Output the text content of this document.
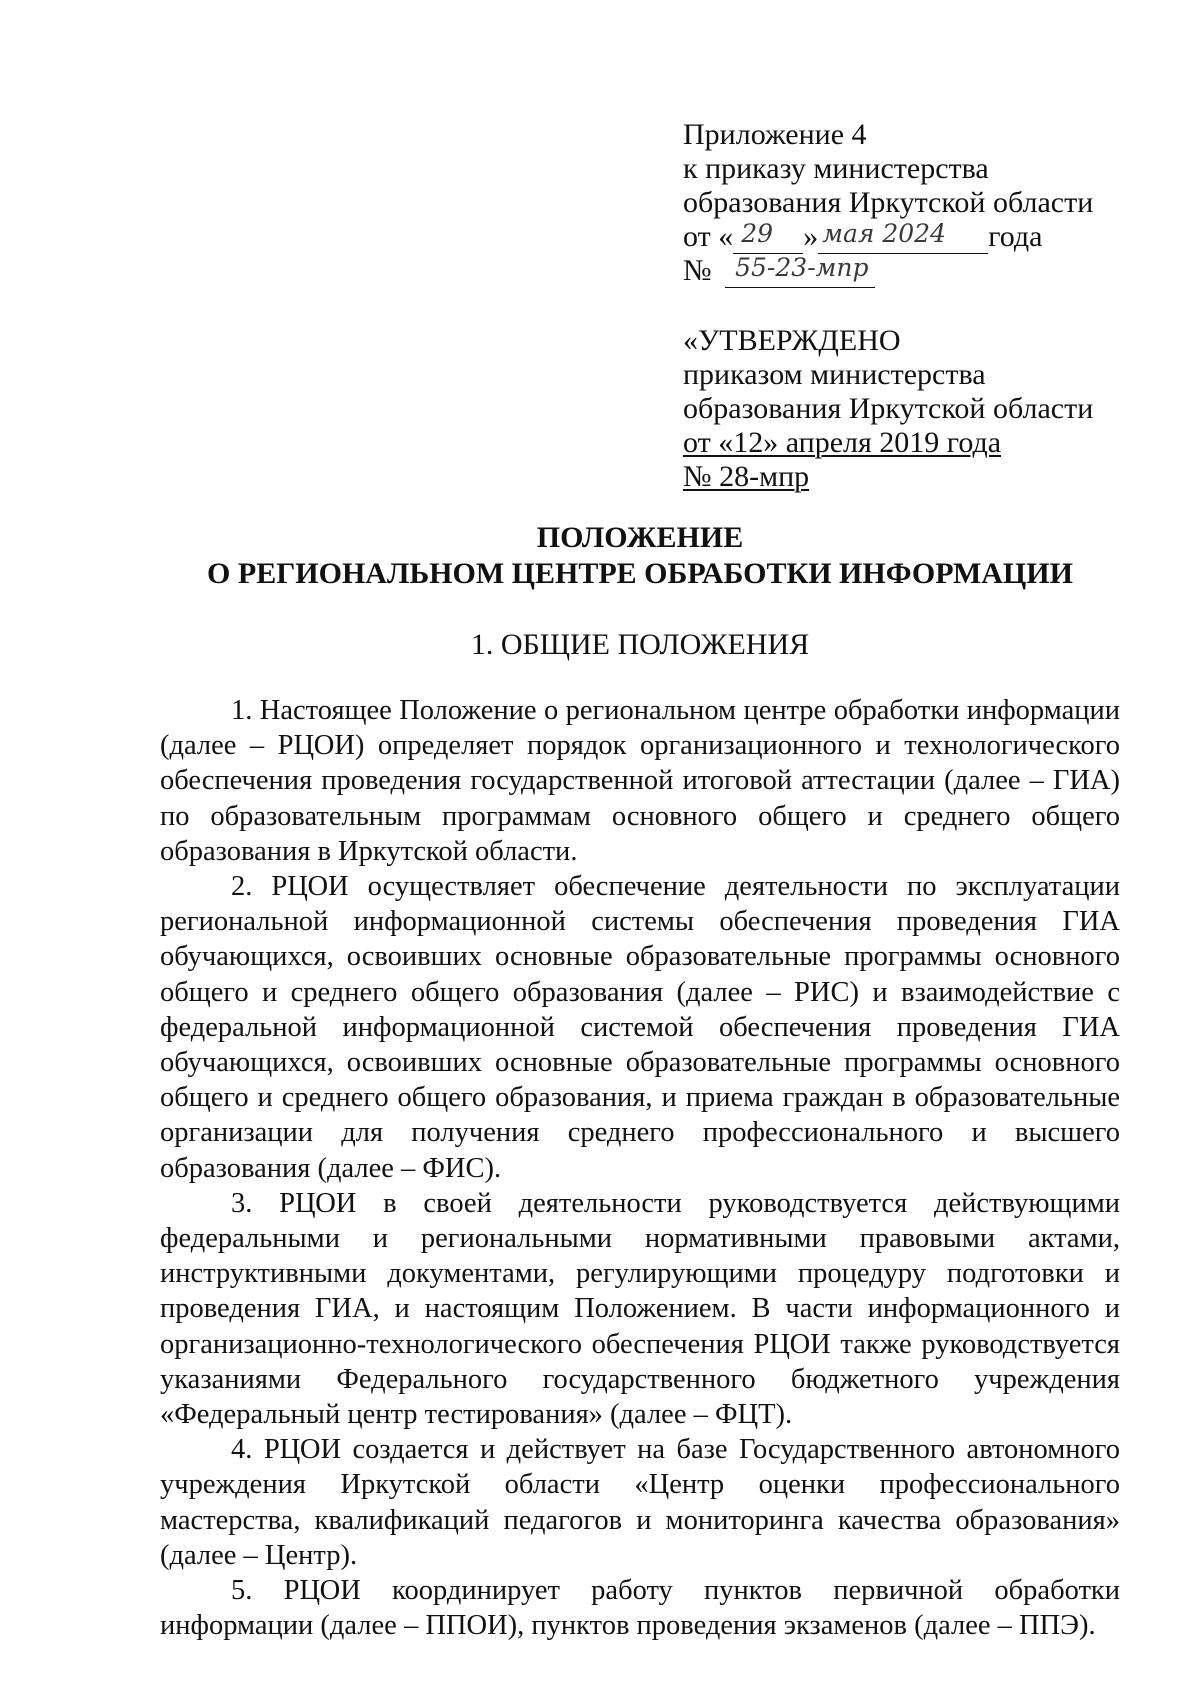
Приложение 4
к приказу министерства
образования Иркутской области
от « 29 » мая 2024 года
№ 55-23-мпр
«УТВЕРЖДЕНО
приказом министерства
образования Иркутской области
от «12» апреля 2019 года
№ 28-мпр
ПОЛОЖЕНИЕ
О РЕГИОНАЛЬНОМ ЦЕНТРЕ ОБРАБОТКИ ИНФОРМАЦИИ
1. ОБЩИЕ ПОЛОЖЕНИЯ

1. Настоящее Положение о региональном центре обработки информации (далее – РЦОИ) определяет порядок организационного и технологического обеспечения проведения государственной итоговой аттестации (далее – ГИА) по образовательным программам основного общего и среднего общего образования в Иркутской области.

2. РЦОИ осуществляет обеспечение деятельности по эксплуатации региональной информационной системы обеспечения проведения ГИА обучающихся, освоивших основные образовательные программы основного общего и среднего общего образования (далее – РИС) и взаимодействие с федеральной информационной системой обеспечения проведения ГИА обучающихся, освоивших основные образовательные программы основного общего и среднего общего образования, и приема граждан в образовательные организации для получения среднего профессионального и высшего образования (далее – ФИС).

3. РЦОИ в своей деятельности руководствуется действующими федеральными и региональными нормативными правовыми актами, инструктивными документами, регулирующими процедуру подготовки и проведения ГИА, и настоящим Положением. В части информационного и организационно-технологического обеспечения РЦОИ также руководствуется указаниями Федерального государственного бюджетного учреждения «Федеральный центр тестирования» (далее – ФЦТ).

4. РЦОИ создается и действует на базе Государственного автономного учреждения Иркутской области «Центр оценки профессионального мастерства, квалификаций педагогов и мониторинга качества образования» (далее – Центр).

5. РЦОИ координирует работу пунктов первичной обработки информации (далее – ППОИ), пунктов проведения экзаменов (далее – ППЭ).
